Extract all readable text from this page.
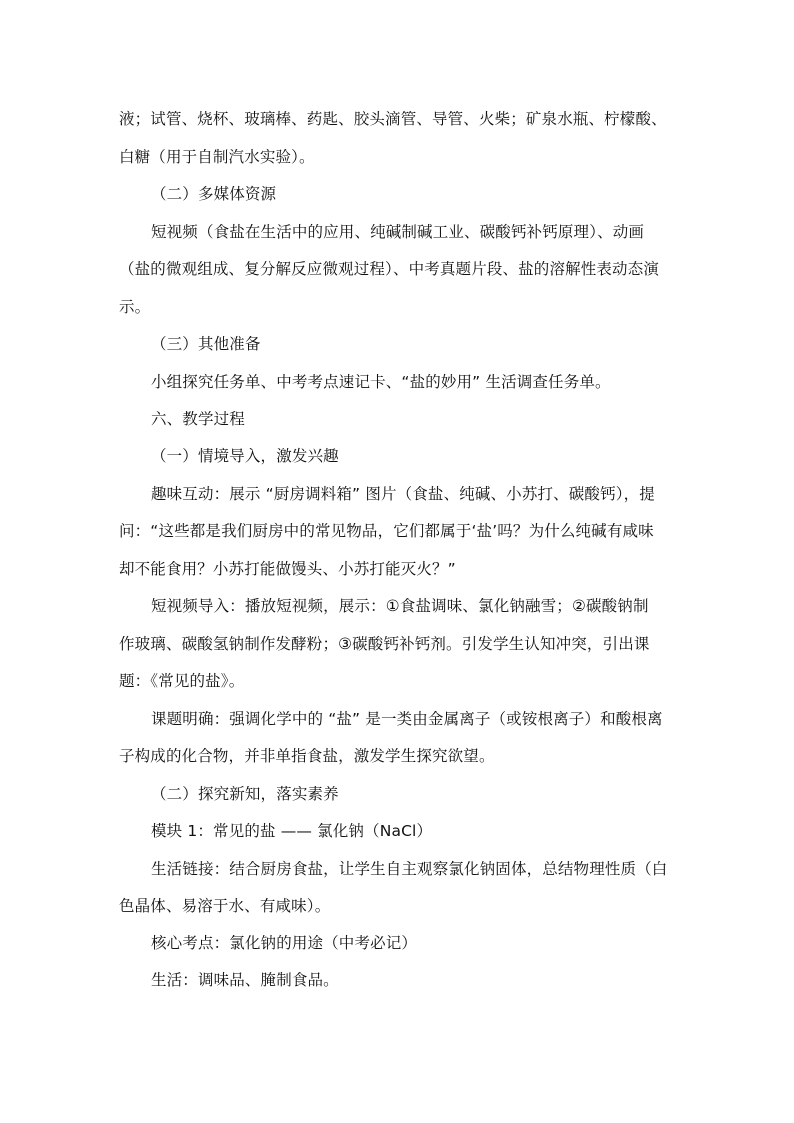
液；试管、烧杯、玻璃棒、药匙、胶头滴管、导管、火柴；矿泉水瓶、柠檬酸、
白糖（用于自制汽水实验）。
（二）多媒体资源
短视频（食盐在生活中的应用、纯碱制碱工业、碳酸钙补钙原理）、动画
（盐的微观组成、复分解反应微观过程）、中考真题片段、盐的溶解性表动态演
示。
（三）其他准备
小组探究任务单、中考考点速记卡、“盐的妙用” 生活调查任务单。
六、教学过程
（一）情境导入，激发兴趣
趣味互动：展示 “厨房调料箱” 图片（食盐、纯碱、小苏打、碳酸钙），提
问：“这些都是我们厨房中的常见物品，它们都属于‘盐’吗？为什么纯碱有咸味
却不能食用？小苏打能做馒头、小苏打能灭火？”
短视频导入：播放短视频，展示：①食盐调味、氯化钠融雪；②碳酸钠制
作玻璃、碳酸氢钠制作发酵粉；③碳酸钙补钙剂。引发学生认知冲突，引出课
题：《常见的盐》。
课题明确：强调化学中的 “盐” 是一类由金属离子（或铵根离子）和酸根离
子构成的化合物，并非单指食盐，激发学生探究欲望。
（二）探究新知，落实素养
模块 1：常见的盐 —— 氯化钠（NaCl）
生活链接：结合厨房食盐，让学生自主观察氯化钠固体，总结物理性质（白
色晶体、易溶于水、有咸味）。
核心考点：氯化钠的用途（中考必记）
生活：调味品、腌制食品。
